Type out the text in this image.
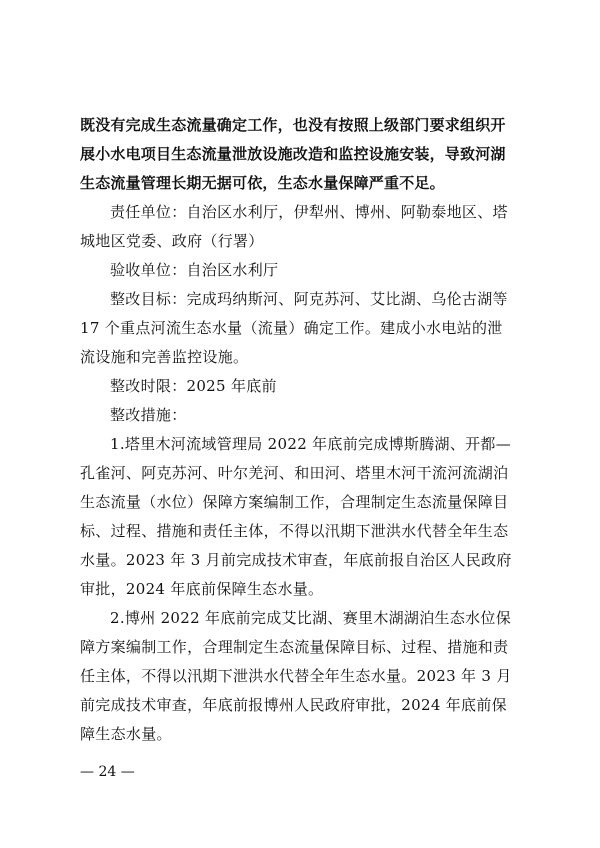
既没有完成生态流量确定工作，也没有按照上级部门要求组织开
展小水电项目生态流量泄放设施改造和监控设施安装，导致河湖
生态流量管理长期无据可依，生态水量保障严重不足。
责任单位：自治区水利厅，伊犁州、博州、阿勒泰地区、塔
城地区党委、政府（行署）
验收单位：自治区水利厅
整改目标：完成玛纳斯河、阿克苏河、艾比湖、乌伦古湖等
17 个重点河流生态水量（流量）确定工作。建成小水电站的泄
流设施和完善监控设施。
整改时限：2025 年底前
整改措施：
1.塔里木河流域管理局 2022 年底前完成博斯腾湖、开都—
孔雀河、阿克苏河、叶尔羌河、和田河、塔里木河干流河流湖泊
生态流量（水位）保障方案编制工作，合理制定生态流量保障目
标、过程、措施和责任主体，不得以汛期下泄洪水代替全年生态
水量。2023 年 3 月前完成技术审查，年底前报自治区人民政府
审批，2024 年底前保障生态水量。
2.博州 2022 年底前完成艾比湖、赛里木湖湖泊生态水位保
障方案编制工作，合理制定生态流量保障目标、过程、措施和责
任主体，不得以汛期下泄洪水代替全年生态水量。2023 年 3 月
前完成技术审查，年底前报博州人民政府审批，2024 年底前保
障生态水量。
— 24 —
